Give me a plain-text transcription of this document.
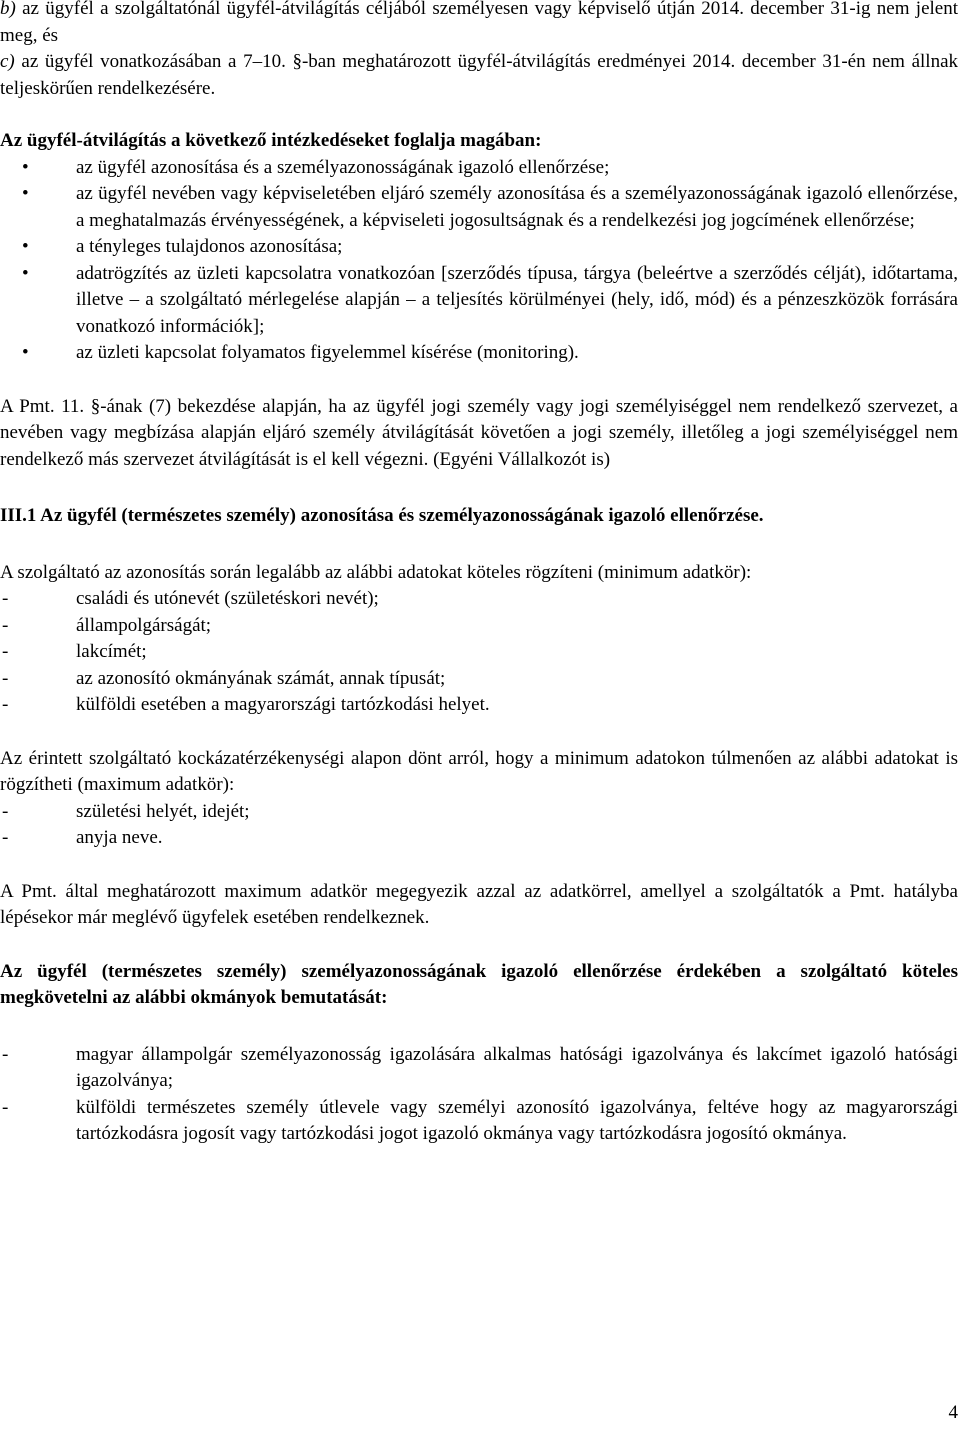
b) az ügyfél a szolgáltatónál ügyfél-átvilágítás céljából személyesen vagy képviselő útján 2014. december 31-ig nem jelent meg, és

c) az ügyfél vonatkozásában a 7–10. §-ban meghatározott ügyfél-átvilágítás eredményei 2014. december 31-én nem állnak teljeskörűen rendelkezésére.

Az ügyfél-átvilágítás a következő intézkedéseket foglalja magában:

• az ügyfél azonosítása és a személyazonosságának igazoló ellenőrzése;
• az ügyfél nevében vagy képviseletében eljáró személy azonosítása és a személyazonosságának igazoló ellenőrzése, a meghatalmazás érvényességének, a képviseleti jogosultságnak és a rendelkezési jog jogcímének ellenőrzése;
• a tényleges tulajdonos azonosítása;
• adatrögzítés az üzleti kapcsolatra vonatkozóan [szerződés típusa, tárgya (beleértve a szerződés célját), időtartama, illetve – a szolgáltató mérlegelése alapján – a teljesítés körülményei (hely, idő, mód) és a pénzeszközök forrására vonatkozó információk];
• az üzleti kapcsolat folyamatos figyelemmel kísérése (monitoring).

A Pmt. 11. §-ának (7) bekezdése alapján, ha az ügyfél jogi személy vagy jogi személyiséggel nem rendelkező szervezet, a nevében vagy megbízása alapján eljáró személy átvilágítását követően a jogi személy, illetőleg a jogi személyiséggel nem rendelkező más szervezet átvilágítását is el kell végezni. (Egyéni Vállalkozót is)

III.1 Az ügyfél (természetes személy) azonosítása és személyazonosságának igazoló ellenőrzése.

A szolgáltató az azonosítás során legalább az alábbi adatokat köteles rögzíteni (minimum adatkör):

-	családi és utónevét (születéskori nevét);
-	állampolgárságát;
-	lakcímét;
-	az azonosító okmányának számát, annak típusát;
-	külföldi esetében a magyarországi tartózkodási helyet.

Az érintett szolgáltató kockázatérzékenységi alapon dönt arról, hogy a minimum adatokon túlmenően az alábbi adatokat is rögzítheti (maximum adatkör):

-	születési helyét, idejét;
-	anyja neve.

A Pmt. által meghatározott maximum adatkör megegyezik azzal az adatkörrel, amellyel a szolgáltatók a Pmt. hatályba lépésekor már meglévő ügyfelek esetében rendelkeznek.

Az ügyfél (természetes személy) személyazonosságának igazoló ellenőrzése érdekében a szolgáltató köteles megkövetelni az alábbi okmányok bemutatását:

-	magyar állampolgár személyazonosság igazolására alkalmas hatósági igazolványa és lakcímet igazoló hatósági igazolványa;
-	külföldi természetes személy útlevele vagy személyi azonosító igazolványa, feltéve hogy az magyarországi tartózkodásra jogosít vagy tartózkodási jogot igazoló okmánya vagy tartózkodásra jogosító okmánya.
4
